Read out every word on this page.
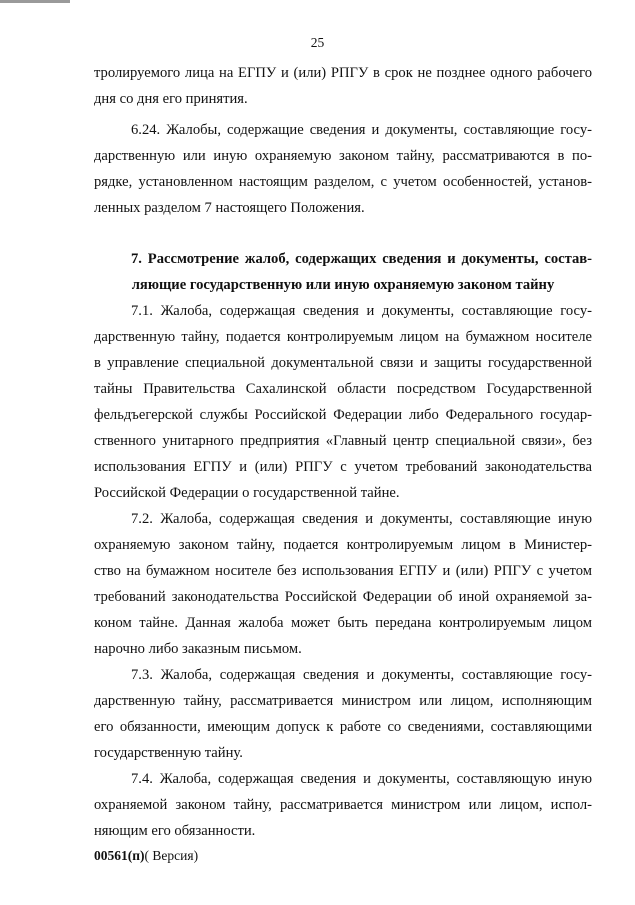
25
тролируемого лица на ЕГПУ и (или) РПГУ в срок не позднее одного рабочего
дня со дня его принятия.
6.24. Жалобы, содержащие сведения и документы, составляющие госу-
дарственную или иную охраняемую законом тайну, рассматриваются в по-
рядке, установленном настоящим разделом, с учетом особенностей, установ-
ленных разделом 7 настоящего Положения.
7. Рассмотрение жалоб, содержащих сведения и документы, состав-
ляющие государственную или иную охраняемую законом тайну
7.1. Жалоба, содержащая сведения и документы, составляющие госу-
дарственную тайну, подается контролируемым лицом на бумажном носителе
в управление специальной документальной связи и защиты государственной
тайны Правительства Сахалинской области посредством Государственной
фельдъегерской службы Российской Федерации либо Федерального государ-
ственного унитарного предприятия «Главный центр специальной связи», без
использования ЕГПУ и (или) РПГУ с учетом требований законодательства
Российской Федерации о государственной тайне.
7.2. Жалоба, содержащая сведения и документы, составляющие иную
охраняемую законом тайну, подается контролируемым лицом в Министер-
ство на бумажном носителе без использования ЕГПУ и (или) РПГУ с учетом
требований законодательства Российской Федерации об иной охраняемой за-
коном тайне. Данная жалоба может быть передана контролируемым лицом
нарочно либо заказным письмом.
7.3. Жалоба, содержащая сведения и документы, составляющие госу-
дарственную тайну, рассматривается министром или лицом, исполняющим
его обязанности, имеющим допуск к работе со сведениями, составляющими
государственную тайну.
7.4. Жалоба, содержащая сведения и документы, составляющую иную
охраняемой законом тайну, рассматривается министром или лицом, испол-
няющим его обязанности.
00561(п)( Версия)
